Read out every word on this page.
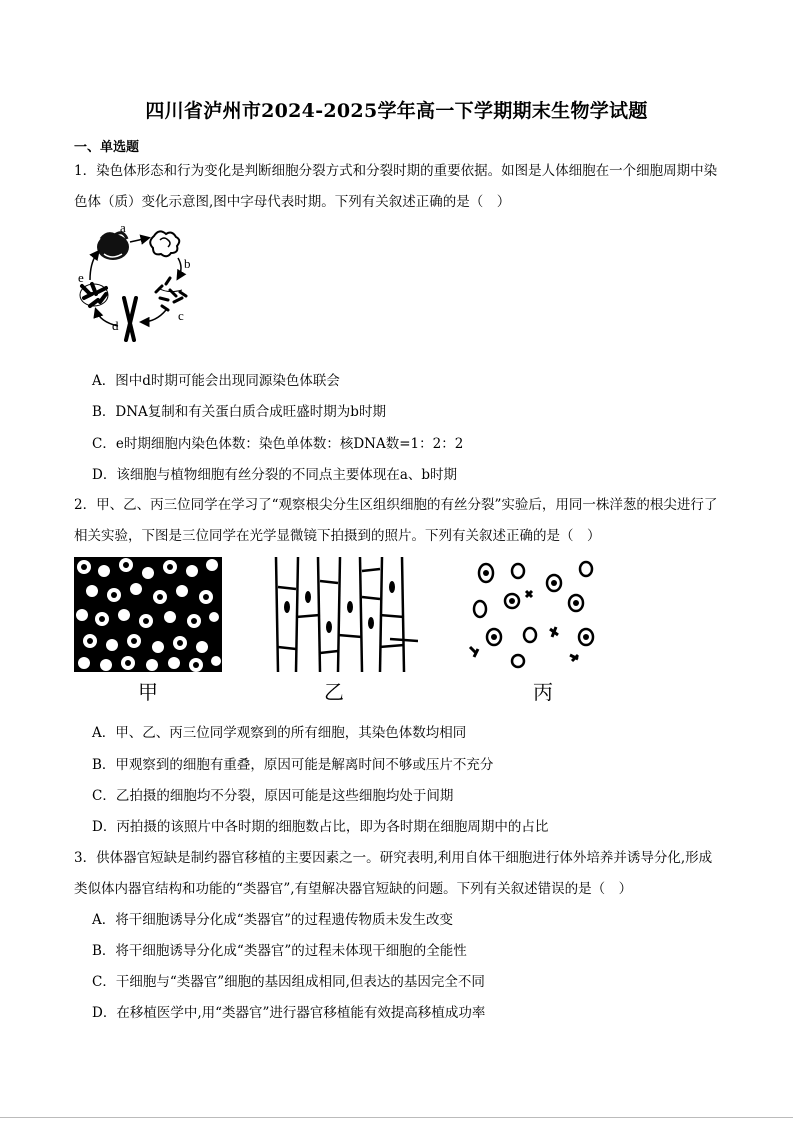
四川省泸州市2024-2025学年高一下学期期末生物学试题
一、单选题
1．染色体形态和行为变化是判断细胞分裂方式和分裂时期的重要依据。如图是人体细胞在一个细胞周期中染色体（质）变化示意图,图中字母代表时期。下列有关叙述正确的是（　）
a
b
c
d
e
A．图中d时期可能会出现同源染色体联会
B．DNA复制和有关蛋白质合成旺盛时期为b时期
C．e时期细胞内染色体数：染色单体数：核DNA数=1：2：2
D．该细胞与植物细胞有丝分裂的不同点主要体现在a、b时期
2．甲、乙、丙三位同学在学习了“观察根尖分生区组织细胞的有丝分裂”实验后，用同一株洋葱的根尖进行了相关实验，下图是三位同学在光学显微镜下拍摄到的照片。下列有关叙述正确的是（　）
甲	乙	丙
A．甲、乙、丙三位同学观察到的所有细胞，其染色体数均相同
B．甲观察到的细胞有重叠，原因可能是解离时间不够或压片不充分
C．乙拍摄的细胞均不分裂，原因可能是这些细胞均处于间期
D．丙拍摄的该照片中各时期的细胞数占比，即为各时期在细胞周期中的占比
3．供体器官短缺是制约器官移植的主要因素之一。研究表明,利用自体干细胞进行体外培养并诱导分化,形成类似体内器官结构和功能的“类器官”,有望解决器官短缺的问题。下列有关叙述错误的是（　）
A．将干细胞诱导分化成“类器官”的过程遗传物质未发生改变
B．将干细胞诱导分化成“类器官”的过程未体现干细胞的全能性
C．干细胞与“类器官”细胞的基因组成相同,但表达的基因完全不同
D．在移植医学中,用“类器官”进行器官移植能有效提高移植成功率
